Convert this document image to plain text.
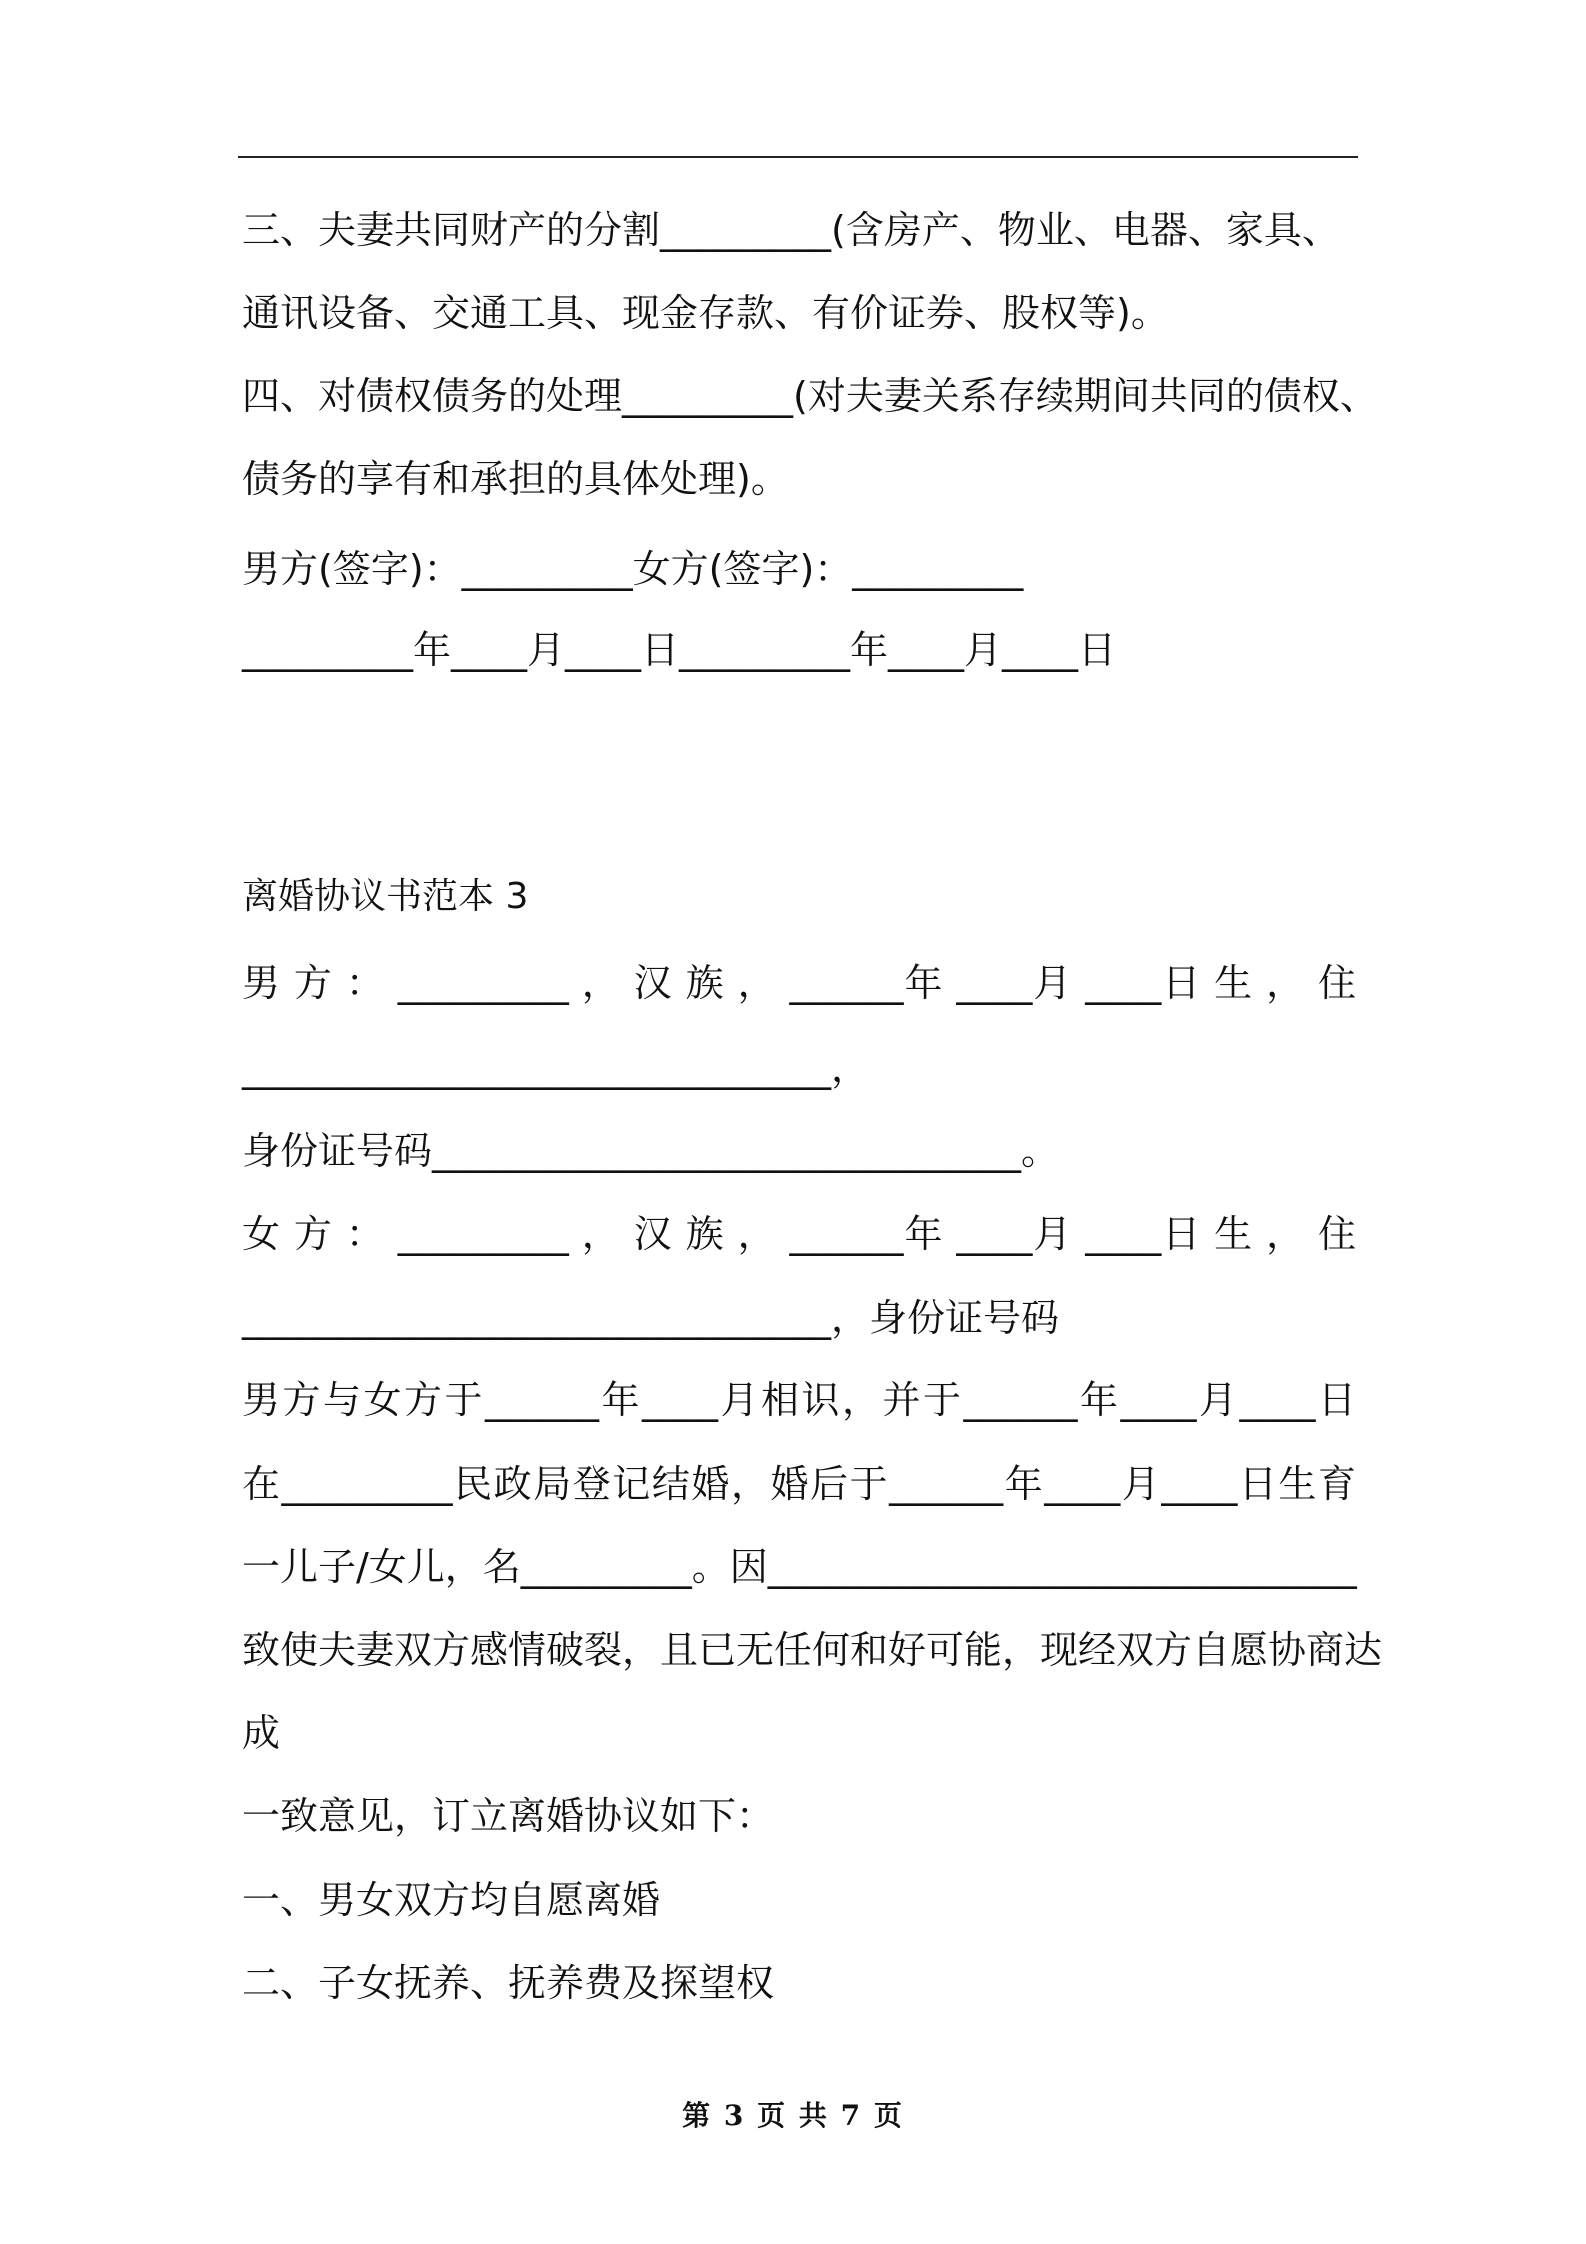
三、夫妻共同财产的分割_________(含房产、物业、电器、家具、
通讯设备、交通工具、现金存款、有价证券、股权等)。
四、对债权债务的处理_________(对夫妻关系存续期间共同的债权、
债务的享有和承担的具体处理)。
男方(签字)：_________女方(签字)：_________
_________年____月____日_________年____月____日
离婚协议书范本 3
男 方 ： _________ ， 汉 族 ， ______年 ____月 ____日 生 ， 住
_______________________________，
身份证号码_______________________________。
女 方 ： _________ ， 汉 族 ， ______年 ____月 ____日 生 ， 住
_______________________________，身份证号码
男方与女方于______年____月相识，并于______年____月____日
在_________民政局登记结婚，婚后于______年____月____日生育
一儿子/女儿，名_________。因_______________________________
致使夫妻双方感情破裂，且已无任何和好可能，现经双方自愿协商达
成
一致意见，订立离婚协议如下：
一、男女双方均自愿离婚
二、子女抚养、抚养费及探望权
第 3 页 共 7 页
